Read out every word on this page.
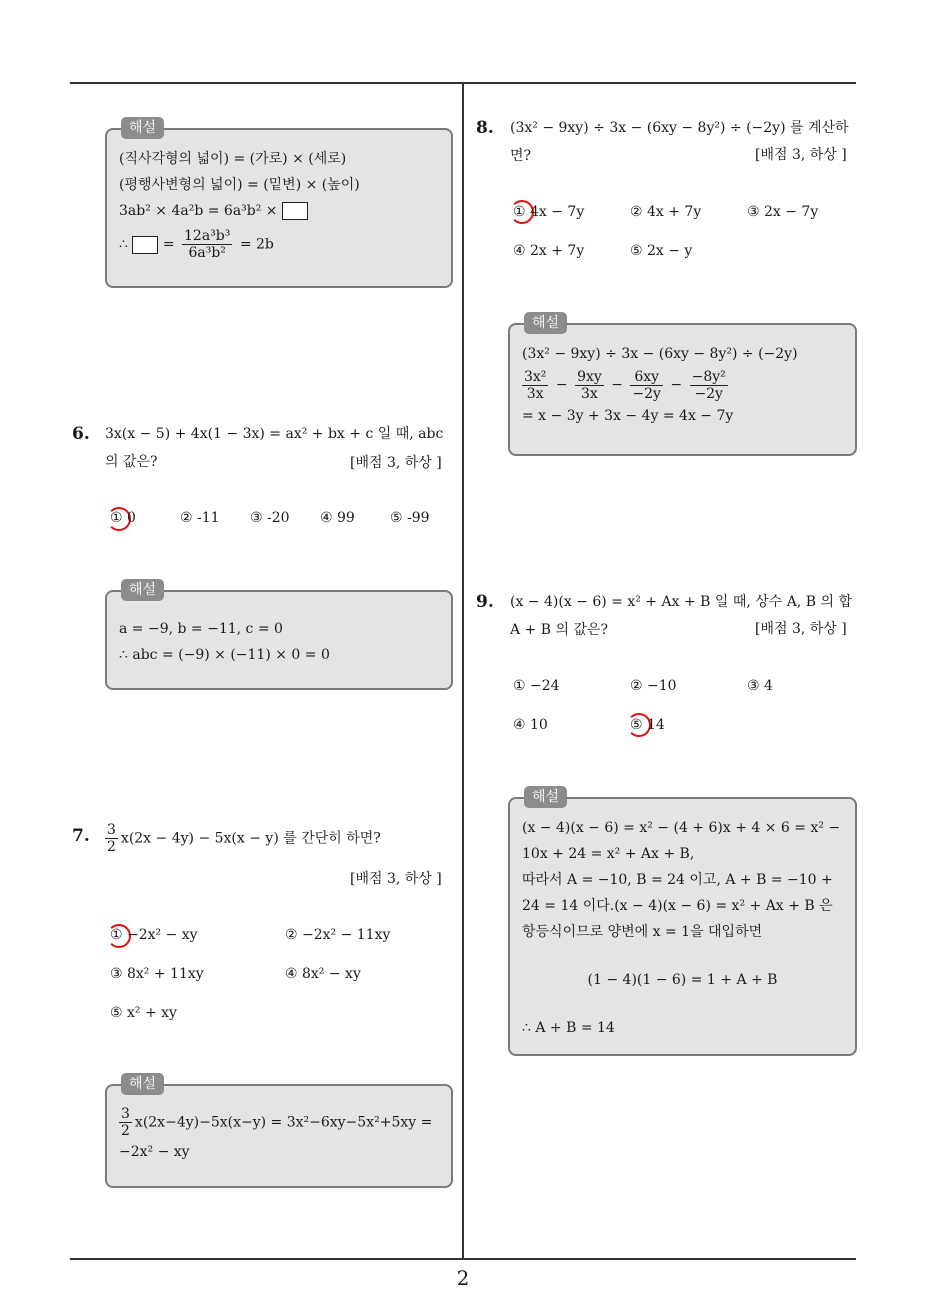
2
해설
(직사각형의 넓이) = (가로) × (세로)
(평행사변형의 넓이) = (밑변) × (높이)
3ab² × 4a²b = 6a³b² ×
∴ = $\frac{\text{12a³b³}}{\text{6a³b²}} = 2b$
6. 3x(x − 5) + 4x(1 − 3x) = ax² + bx + c 일 때, abc 의 값은?	[배점 3, 하상 ]
① 0	② -11 ③ -20 ④ 99	⑤ -99
해설
a = −9, b = −11, c = 0
∴ abc = (−9) × (−11) × 0 = 0
7. $\frac{3}{2} x(2x - 4y) - 5x(x - y)$ 를 간단히 하면?
[배점 3, 하상 ]
① −2x² − xy	② −2x² − 11xy
③ 8x² + 11xy	④ 8x² − xy
⑤ x² + xy
해설
$\frac{3}{2} x(2x-4y)-5x(x-y) = 3x^2-6xy-5x^2+5xy$ =
−2x² − xy
8. (3x² − 9xy) ÷ 3x − (6xy − 8y²) ÷ (−2y) 를 계산하면?	[배점 3, 하상 ]
① 4x − 7y	② 4x + 7y	③ 2x − 7y
④ 2x + 7y	⑤ 2x − y
해설
(3x² − 9xy) ÷ 3x − (6xy − 8y²) ÷ (−2y)
$\frac{\text{3x²}}{3x} - \frac{9xy}{3x} - \frac{6xy}{-2y} - \frac{\text{−8y²}}{-2y}$
= x − 3y + 3x − 4y = 4x − 7y
9. (x − 4)(x − 6) = x² + Ax + B 일 때, 상수 A, B 의 합 A + B 의 값은?	[배점 3, 하상 ]
① −24	② −10	③ 4
④ 10	⑤ 14
해설
(x − 4)(x − 6) = x² − (4 + 6)x + 4 × 6 = x² −
10x + 24 = x² + Ax + B,
따라서 A = −10, B = 24 이고, A + B = −10 +
24 = 14 이다.(x − 4)(x − 6) = x² + Ax + B 은
항등식이므로 양변에 x = 1을 대입하면
(1 − 4)(1 − 6) = 1 + A + B
∴ A + B = 14
